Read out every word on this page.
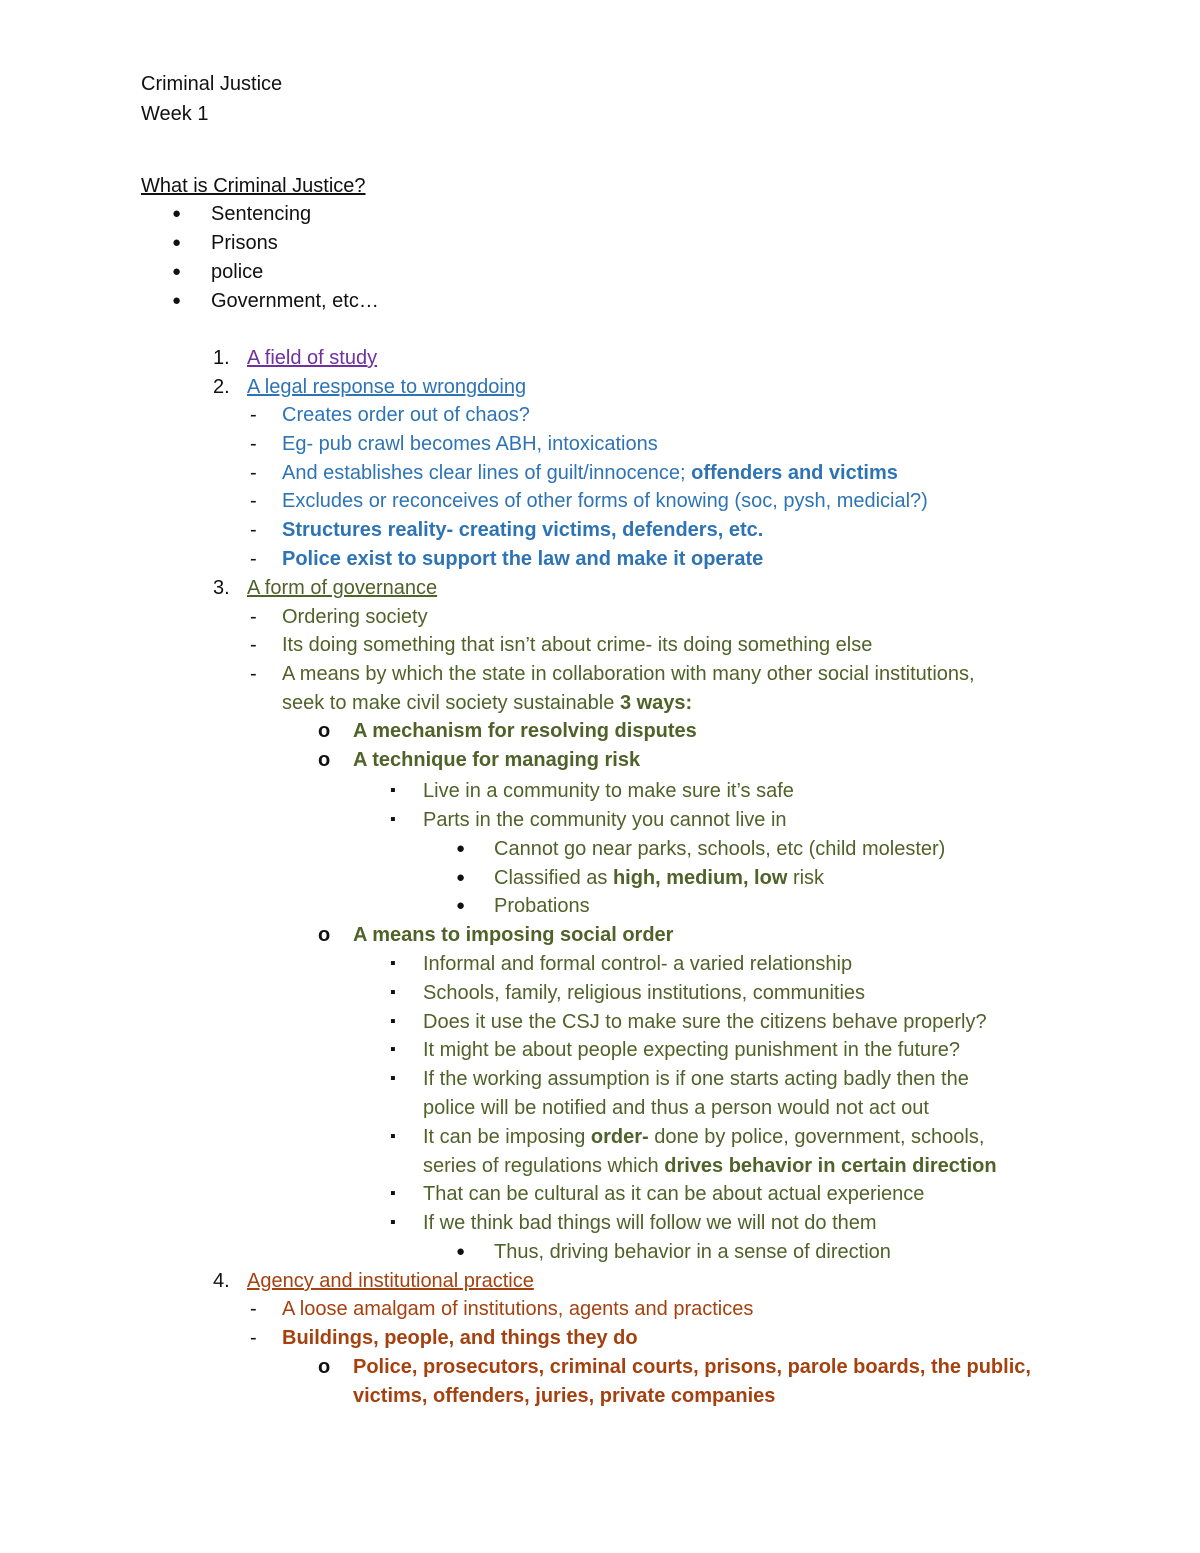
Criminal Justice
Week 1
What is Criminal Justice?
● Sentencing
● Prisons
● police
● Government, etc…
1. A field of study
2. A legal response to wrongdoing
- Creates order out of chaos?
- Eg- pub crawl becomes ABH, intoxications
- And establishes clear lines of guilt/innocence; offenders and victims
- Excludes or reconceives of other forms of knowing (soc, pysh, medicial?)
- Structures reality- creating victims, defenders, etc.
- Police exist to support the law and make it operate
3. A form of governance
- Ordering society
- Its doing something that isn’t about crime- its doing something else
- A means by which the state in collaboration with many other social institutions,
seek to make civil society sustainable 3 ways:
o A mechanism for resolving disputes
o A technique for managing risk
▪ Live in a community to make sure it’s safe
▪ Parts in the community you cannot live in
● Cannot go near parks, schools, etc (child molester)
● Classified as high, medium, low risk
● Probations
o A means to imposing social order
▪ Informal and formal control- a varied relationship
▪ Schools, family, religious institutions, communities
▪ Does it use the CSJ to make sure the citizens behave properly?
▪ It might be about people expecting punishment in the future?
▪ If the working assumption is if one starts acting badly then the
police will be notified and thus a person would not act out
▪ It can be imposing order- done by police, government, schools,
series of regulations which drives behavior in certain direction
▪ That can be cultural as it can be about actual experience
▪ If we think bad things will follow we will not do them
● Thus, driving behavior in a sense of direction
4. Agency and institutional practice
- A loose amalgam of institutions, agents and practices
- Buildings, people, and things they do
o Police, prosecutors, criminal courts, prisons, parole boards, the public,
victims, offenders, juries, private companies
